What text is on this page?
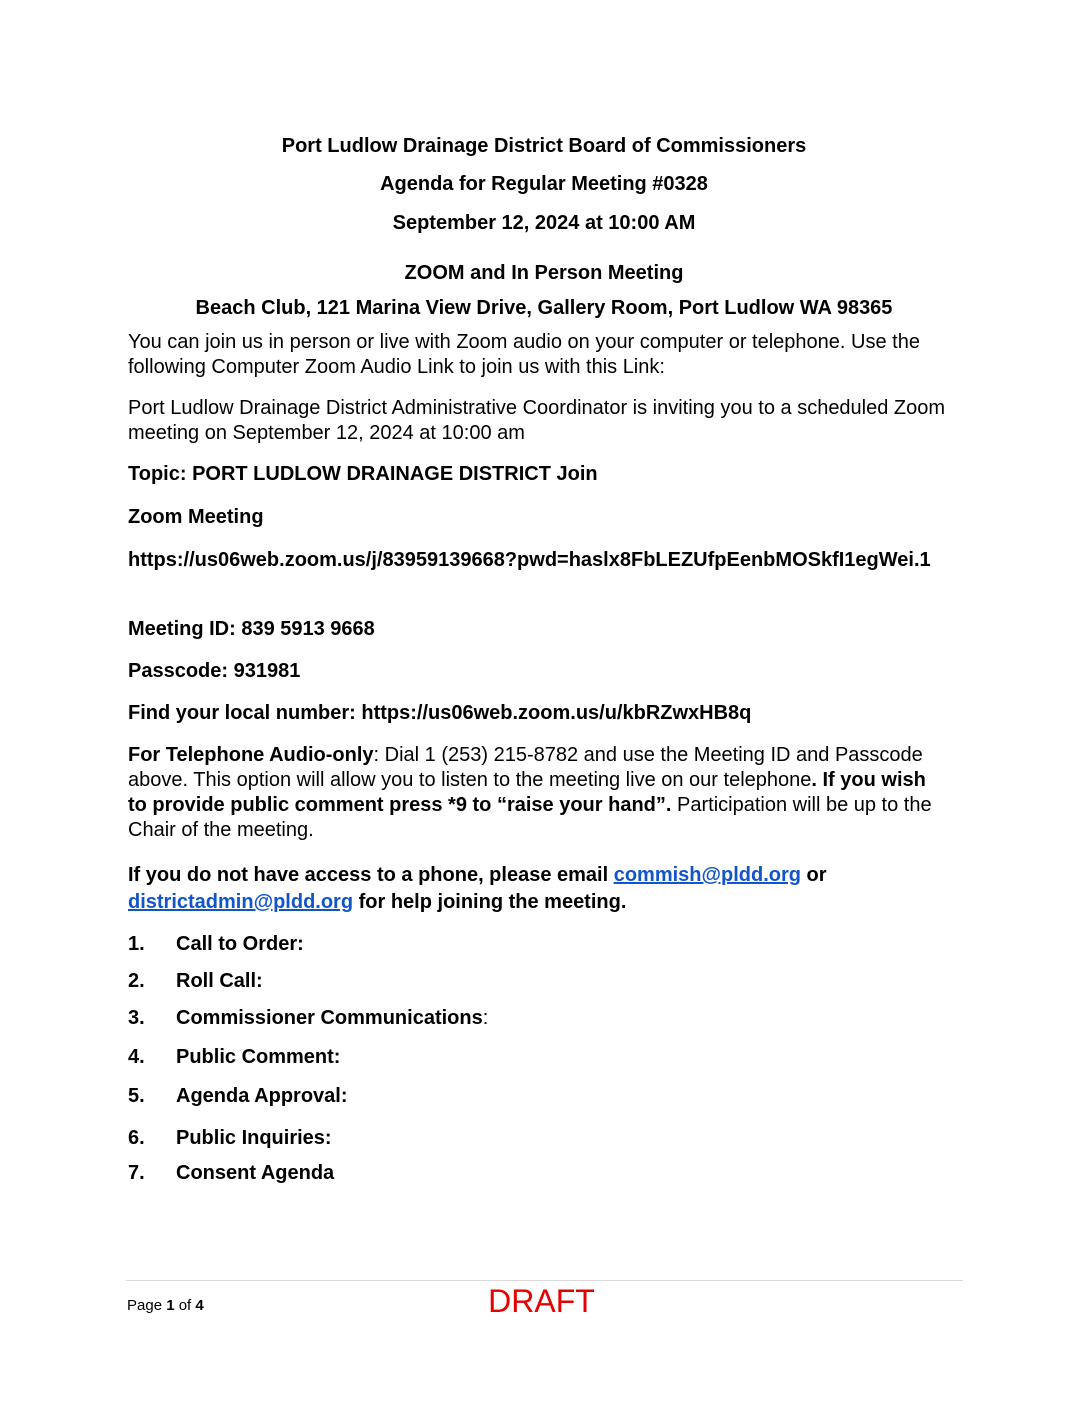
Port Ludlow Drainage District Board of Commissioners
Agenda for Regular Meeting #0328
September 12, 2024 at 10:00 AM
ZOOM and In Person Meeting
Beach Club, 121 Marina View Drive, Gallery Room, Port Ludlow WA 98365
You can join us in person or live with Zoom audio on your computer or telephone. Use the following Computer Zoom Audio Link to join us with this Link:
Port Ludlow Drainage District Administrative Coordinator is inviting you to a scheduled Zoom meeting on September 12, 2024 at 10:00 am
Topic: PORT LUDLOW DRAINAGE DISTRICT Join
Zoom Meeting
https://us06web.zoom.us/j/83959139668?pwd=haslx8FbLEZUfpEenbMOSkfI1egWei.1
Meeting ID: 839 5913 9668
Passcode: 931981
Find your local number: https://us06web.zoom.us/u/kbRZwxHB8q
For Telephone Audio-only: Dial 1 (253) 215-8782 and use the Meeting ID and Passcode above. This option will allow you to listen to the meeting live on our telephone. If you wish to provide public comment press *9 to “raise your hand”. Participation will be up to the Chair of the meeting.
If you do not have access to a phone, please email commish@pldd.org or districtadmin@pldd.org for help joining the meeting.
1. Call to Order:
2. Roll Call:
3. Commissioner Communications:
4. Public Comment:
5. Agenda Approval:
6. Public Inquiries:
7. Consent Agenda
Page 1 of 4	DRAFT
